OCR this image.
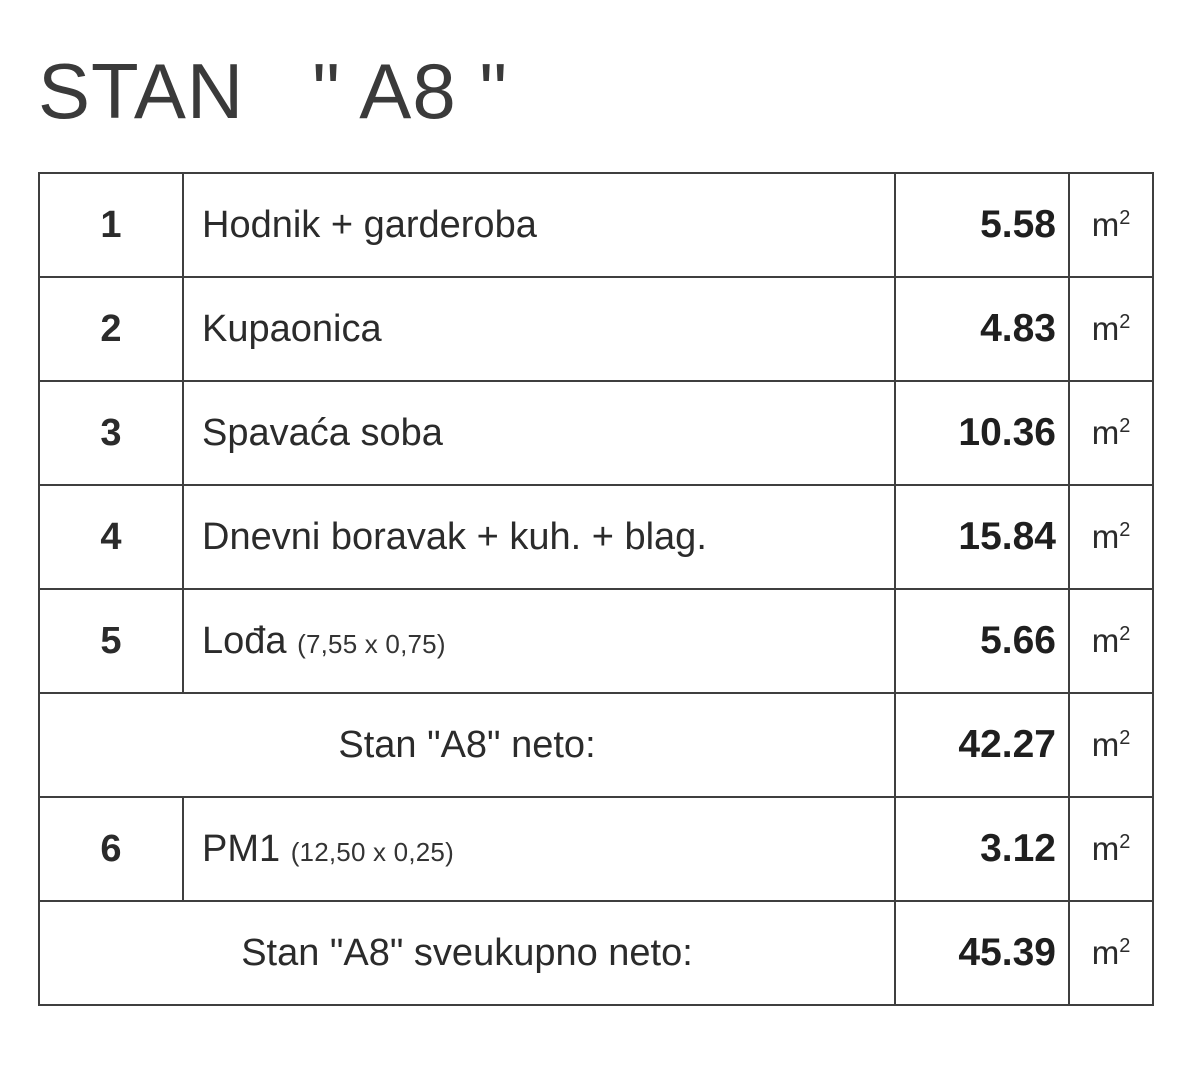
STAN   " A8 "
1	Hodnik + garderoba	5.58	$m^2$
2	Kupaonica	4.83	$m^2$
3	Spavaća soba	10.36	$m^2$
4	Dnevni boravak + kuh. + blag.	15.84	$m^2$
5	Lođa (7,55 x 0,75)	5.66	$m^2$
Stan "A8" neto:		42.27	$m^2$
6	PM1 (12,50 x 0,25)	3.12	$m^2$
Stan "A8" sveukupno neto:		45.39	$m^2$
